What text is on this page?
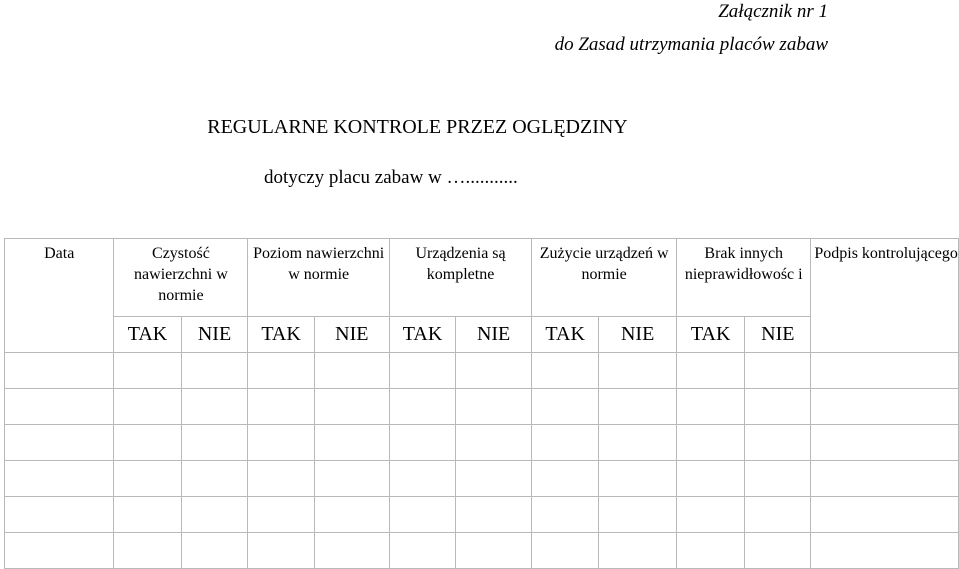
Załącznik nr 1
do Zasad utrzymania placów zabaw
REGULARNE KONTROLE PRZEZ OGLĘDZINY
dotyczy placu zabaw w …...........
Data	Czystość nawierzchni w normie		Poziom nawierzchni w normie		Urządzenia są kompletne		Zużycie urządzeń w normie		Brak innych nieprawidłowośc i		Podpis kontrolującego
	TAK	NIE	TAK	NIE	TAK	NIE	TAK	NIE	TAK	NIE	
